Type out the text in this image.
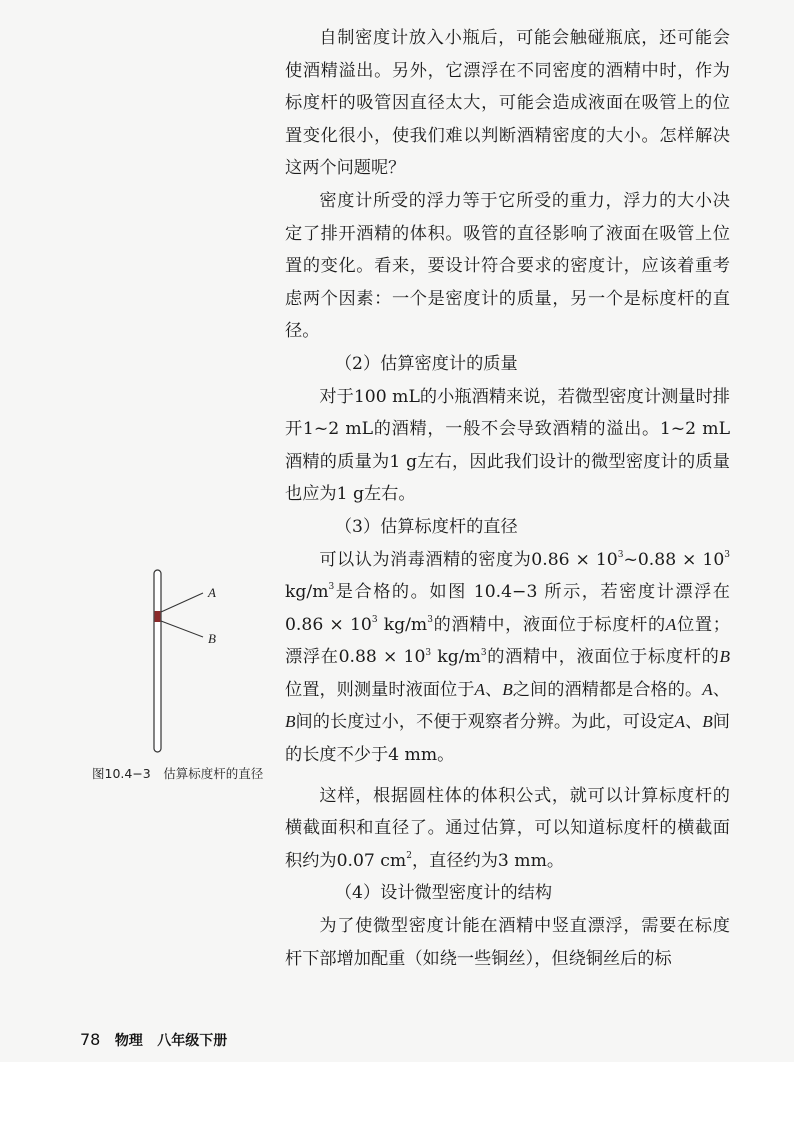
自制密度计放入小瓶后，可能会触碰瓶底，还可能会使酒精溢出。另外，它漂浮在不同密度的酒精中时，作为标度杆的吸管因直径太大，可能会造成液面在吸管上的位置变化很小，使我们难以判断酒精密度的大小。怎样解决这两个问题呢？

密度计所受的浮力等于它所受的重力，浮力的大小决定了排开酒精的体积。吸管的直径影响了液面在吸管上位置的变化。看来，要设计符合要求的密度计，应该着重考虑两个因素：一个是密度计的质量，另一个是标度杆的直径。

（2）估算密度计的质量

对于100 mL的小瓶酒精来说，若微型密度计测量时排开1~2 mL的酒精，一般不会导致酒精的溢出。1~2 mL酒精的质量为1 g左右，因此我们设计的微型密度计的质量也应为1 g左右。

（3）估算标度杆的直径

可以认为消毒酒精的密度为$0.86 \times 10^3\sim 0.88 \times 10^3$ $kg/m^3$是合格的。如图 10.4−3 所示，若密度计漂浮在 $0.86 \times 10^3$ $kg/m^3$的酒精中，液面位于标度杆的A位置；漂浮在$0.88 \times 10^3$ $kg/m^3$的酒精中，液面位于标度杆的B位置，则测量时液面位于A、B之间的酒精都是合格的。A、B间的长度过小，不便于观察者分辨。为此，可设定A、B间的长度不少于4 mm。

这样，根据圆柱体的体积公式，就可以计算标度杆的横截面积和直径了。通过估算，可以知道标度杆的横截面积约为0.07 $cm^2$，直径约为3 mm。

（4）设计微型密度计的结构

为了使微型密度计能在酒精中竖直漂浮，需要在标度杆下部增加配重（如绕一些铜丝），但绕铜丝后的标

A
B
图10.4−3　估算标度杆的直径
78 物理 八年级下册
